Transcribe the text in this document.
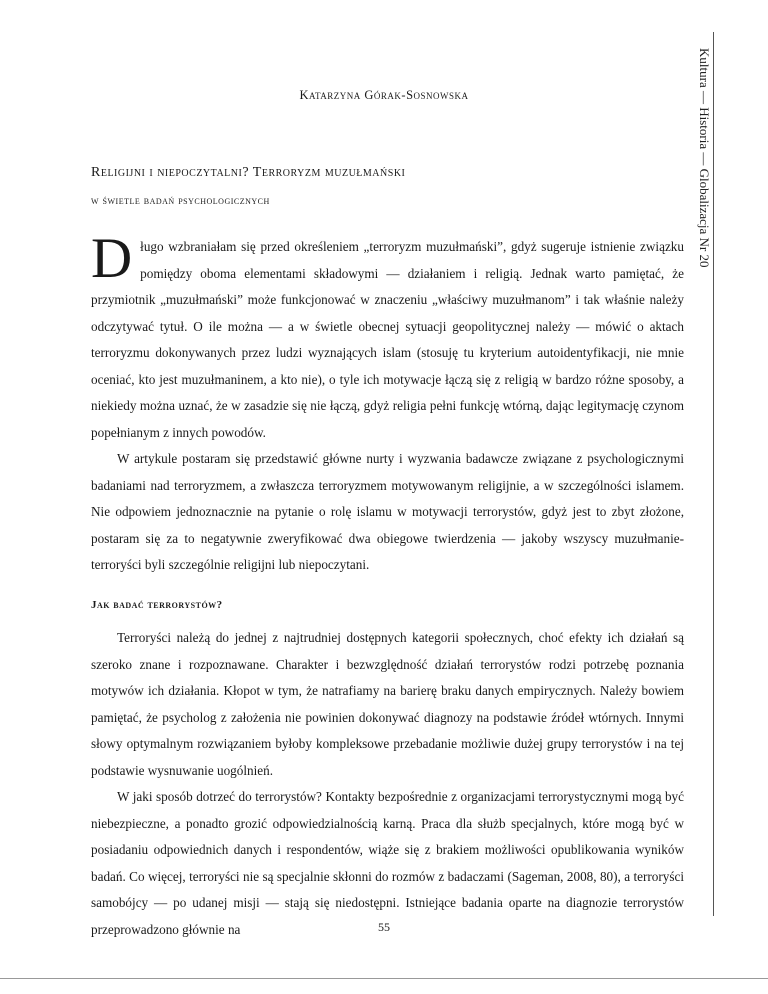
Kultura — Historia — Globalizacja Nr 20
Katarzyna Górak-Sosnowska
Religijni i niepoczytalni? Terroryzm muzułmański
w świetle badań psychologicznych

Długo wzbraniałam się przed określeniem „terroryzm muzułmański”, gdyż sugeruje istnienie związku pomiędzy oboma elementami składowymi — działaniem i religią. Jednak warto pamiętać, że przymiotnik „muzułmański” może funkcjonować w znaczeniu „właściwy muzułmanom” i tak właśnie należy odczytywać tytuł. O ile można — a w świetle obecnej sytuacji geopolitycznej należy — mówić o aktach terroryzmu dokonywanych przez ludzi wyznających islam (stosuję tu kryterium autoidentyfikacji, nie mnie oceniać, kto jest muzułmaninem, a kto nie), o tyle ich motywacje łączą się z religią w bardzo różne sposoby, a niekiedy można uznać, że w zasadzie się nie łączą, gdyż religia pełni funkcję wtórną, dając legitymację czynom popełnianym z innych powodów.

W artykule postaram się przedstawić główne nurty i wyzwania badawcze związane z psychologicznymi badaniami nad terroryzmem, a zwłaszcza terroryzmem motywowanym religijnie, a w szczególności islamem. Nie odpowiem jednoznacznie na pytanie o rolę islamu w motywacji terrorystów, gdyż jest to zbyt złożone, postaram się za to negatywnie zweryfikować dwa obiegowe twierdzenia — jakoby wszyscy muzułmanie-terroryści byli szczególnie religijni lub niepoczytani.

Jak badać terrorystów?

Terroryści należą do jednej z najtrudniej dostępnych kategorii społecznych, choć efekty ich działań są szeroko znane i rozpoznawane. Charakter i bezwzględność działań terrorystów rodzi potrzebę poznania motywów ich działania. Kłopot w tym, że natrafiamy na barierę braku danych empirycznych. Należy bowiem pamiętać, że psycholog z założenia nie powinien dokonywać diagnozy na podstawie źródeł wtórnych. Innymi słowy optymalnym rozwiązaniem byłoby kompleksowe przebadanie możliwie dużej grupy terrorystów i na tej podstawie wysnuwanie uogólnień.

W jaki sposób dotrzeć do terrorystów? Kontakty bezpośrednie z organizacjami terrorystycznymi mogą być niebezpieczne, a ponadto grozić odpowiedzialnością karną. Praca dla służb specjalnych, które mogą być w posiadaniu odpowiednich danych i respondentów, wiąże się z brakiem możliwości opublikowania wyników badań. Co więcej, terroryści nie są specjalnie skłonni do rozmów z badaczami (Sageman, 2008, 80), a terroryści samobójcy — po udanej misji — stają się niedostępni. Istniejące badania oparte na diagnozie terrorystów przeprowadzono głównie na	55
